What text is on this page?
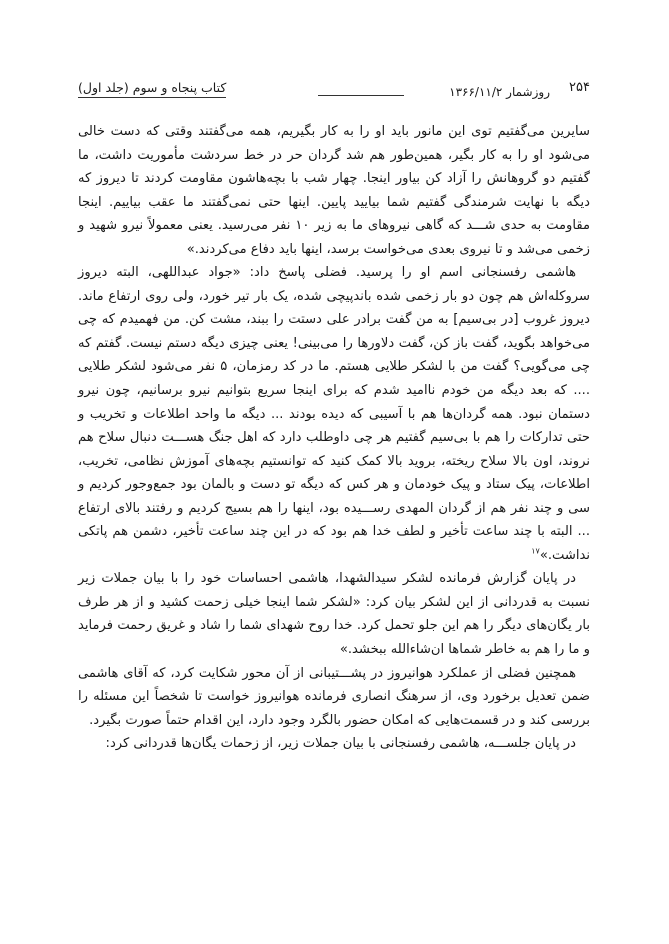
۲۵۴
روزشمار ۱۳۶۶/۱۱/۲
کتاب پنجاه و سوم (جلد اول)

سایرین می‌گفتیم توی این مانور باید او را به کار بگیریم، همه می‌گفتند وقتی که دست خالی می‌شود او را به کار بگیر، همین‌طور هم شد گردان حر در خط سردشت مأموریت داشت، ما گفتیم دو گروهانش را آزاد کن بیاور اینجا. چهار شب با بچه‌هاشون مقاومت کردند تا دیروز که دیگه با نهایت شرمندگی گفتیم شما بیایید پایین. اینها حتی نمی‌گفتند ما عقب بیاییم. اینجا مقاومت به حدی شـــد که گاهی نیروهای ما به زیر ۱۰ نفر می‌رسید. یعنی معمولاً نیرو شهید و زخمی می‌شد و تا نیروی بعدی می‌خواست برسد، اینها باید دفاع می‌کردند.»

هاشمی رفسنجانی اسم او را پرسید. فضلی پاسخ داد: «جواد عبداللهی، البته دیروز سروکله‌اش هم چون دو بار زخمی شده باندپیچی شده، یک بار تیر خورد، ولی روی ارتفاع ماند. دیروز غروب [در بی‌سیم] به من گفت برادر علی دستت را ببند، مشت کن. من فهمیدم که چی می‌خواهد بگوید، گفت باز کن، گفت دلاورها را می‌بینی! یعنی چیزی دیگه دستم نیست. گفتم که چی می‌گویی؟ گفت من با لشکر طلایی هستم. ما در کد رمزمان، ۵ نفر می‌شود لشکر طلایی .... که بعد دیگه من خودم ناامید شدم که برای اینجا سریع بتوانیم نیرو برسانیم، چون نیرو دستمان نبود. همه گردان‌ها هم با آسیبی که دیده بودند ... دیگه ما واحد اطلاعات و تخریب و حتی تدارکات را هم با بی‌سیم گفتیم هر چی داوطلب دارد که اهل جنگ هســـت دنبال سلاح هم نروند، اون بالا سلاح ریخته، بروید بالا کمک کنید که توانستیم بچه‌های آموزش نظامی، تخریب، اطلاعات، پیک ستاد و پیک خودمان و هر کس که دیگه تو دست و بالمان بود جمع‌وجور کردیم و سی و چند نفر هم از گردان المهدی رســـیده بود، اینها را هم بسیج کردیم و رفتند بالای ارتفاع ... البته با چند ساعت تأخیر و لطف خدا هم بود که در این چند ساعت تأخیر، دشمن هم پاتکی نداشت.»$^{۱۷}$

در پایان گزارش فرمانده لشکر سیدالشهدا، هاشمی احساسات خود را با بیان جملات زیر نسبت به قدردانی از این لشکر بیان کرد: «لشکر شما اینجا خیلی زحمت کشید و از هر طرف بار یگان‌های دیگر را هم این جلو تحمل کرد. خدا روح شهدای شما را شاد و غریق رحمت فرماید و ما را هم به خاطر شماها ان‌شاءالله ببخشد.»

همچنین فضلی از عملکرد هوانیروز در پشـــتیبانی از آن محور شکایت کرد، که آقای هاشمی ضمن تعدیل برخورد وی، از سرهنگ انصاری فرمانده هوانیروز خواست تا شخصاً این مسئله را بررسی کند و در قسمت‌هایی که امکان حضور بالگرد وجود دارد، این اقدام حتماً صورت بگیرد.

در پایان جلســـه، هاشمی رفسنجانی با بیان جملات زیر، از زحمات یگان‌ها قدردانی کرد:
